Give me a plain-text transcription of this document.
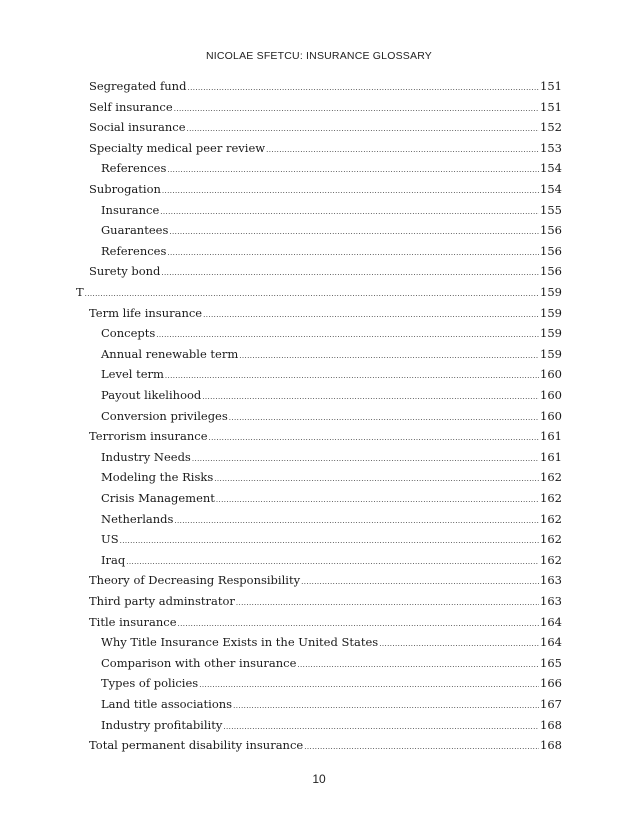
NICOLAE SFETCU: INSURANCE GLOSSARY
Segregated fund .....	151
Self insurance .....	151
Social insurance .....	152
Specialty medical peer review .....	153
References .....	154
Subrogation .....	154
Insurance .....	155
Guarantees .....	156
References .....	156
Surety bond .....	156
T .....	159
Term life insurance .....	159
Concepts .....	159
Annual renewable term .....	159
Level term .....	160
Payout likelihood .....	160
Conversion privileges .....	160
Terrorism insurance .....	161
Industry Needs .....	161
Modeling the Risks .....	162
Crisis Management .....	162
Netherlands .....	162
US .....	162
Iraq .....	162
Theory of Decreasing Responsibility .....	163
Third party adminstrator .....	163
Title insurance .....	164
Why Title Insurance Exists in the United States .....	164
Comparison with other insurance .....	165
Types of policies .....	166
Land title associations .....	167
Industry profitability .....	168
Total permanent disability insurance .....	168
10
